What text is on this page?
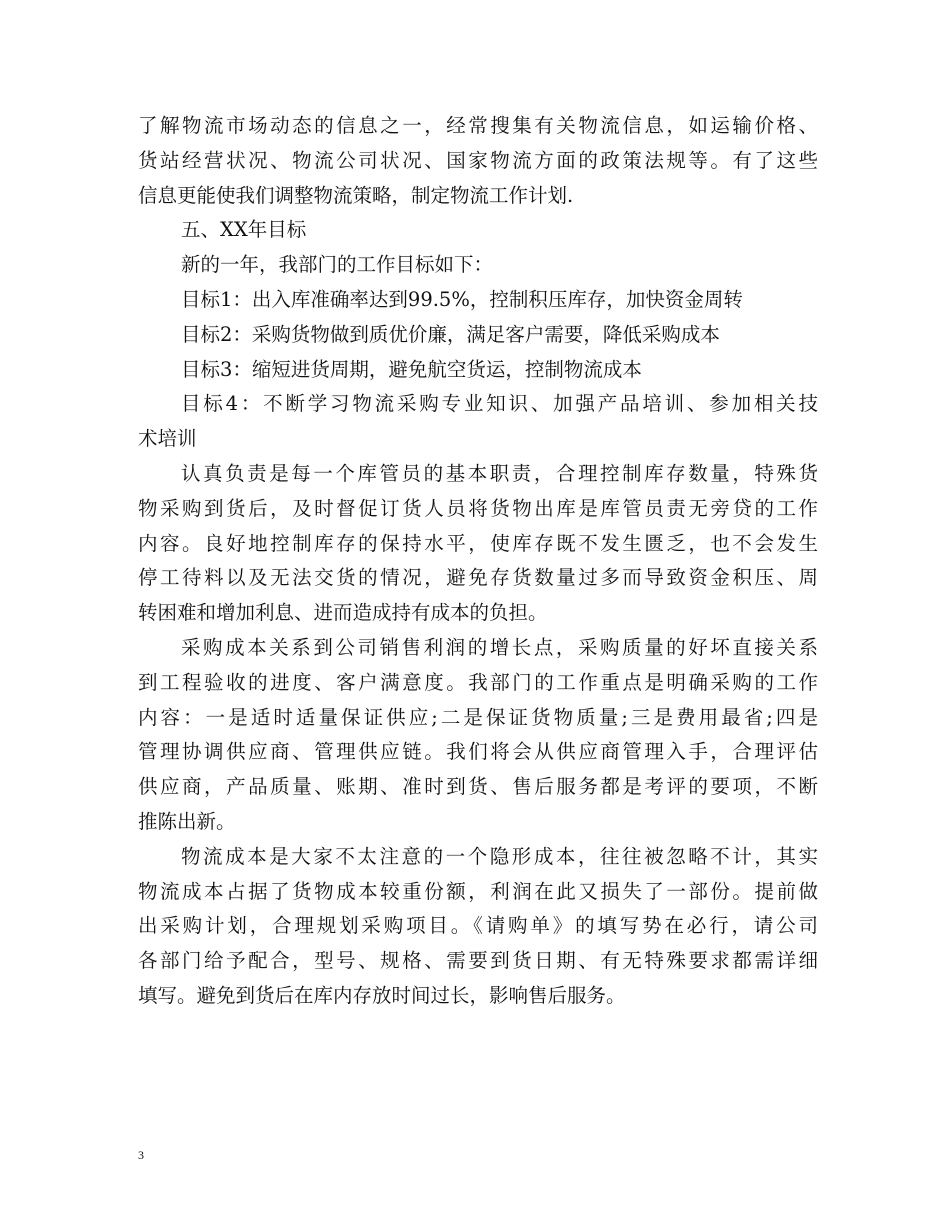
了解物流市场动态的信息之一，经常搜集有关物流信息，如运输价格、
货站经营状况、物流公司状况、国家物流方面的政策法规等。有了这些
信息更能使我们调整物流策略，制定物流工作计划.
五、XX年目标
新的一年，我部门的工作目标如下：
目标1：出入库准确率达到99.5%，控制积压库存，加快资金周转
目标2：采购货物做到质优价廉，满足客户需要，降低采购成本
目标3：缩短进货周期，避免航空货运，控制物流成本
目标4：不断学习物流采购专业知识、加强产品培训、参加相关技
术培训
认真负责是每一个库管员的基本职责，合理控制库存数量，特殊货
物采购到货后，及时督促订货人员将货物出库是库管员责无旁贷的工作
内容。良好地控制库存的保持水平，使库存既不发生匮乏，也不会发生
停工待料以及无法交货的情况，避免存货数量过多而导致资金积压、周
转困难和增加利息、进而造成持有成本的负担。
采购成本关系到公司销售利润的增长点，采购质量的好坏直接关系
到工程验收的进度、客户满意度。我部门的工作重点是明确采购的工作
内容：一是适时适量保证供应;二是保证货物质量;三是费用最省;四是
管理协调供应商、管理供应链。我们将会从供应商管理入手，合理评估
供应商，产品质量、账期、准时到货、售后服务都是考评的要项，不断
推陈出新。
物流成本是大家不太注意的一个隐形成本，往往被忽略不计，其实
物流成本占据了货物成本较重份额，利润在此又损失了一部份。提前做
出采购计划，合理规划采购项目。《请购单》的填写势在必行，请公司
各部门给予配合，型号、规格、需要到货日期、有无特殊要求都需详细
填写。避免到货后在库内存放时间过长，影响售后服务。
3
